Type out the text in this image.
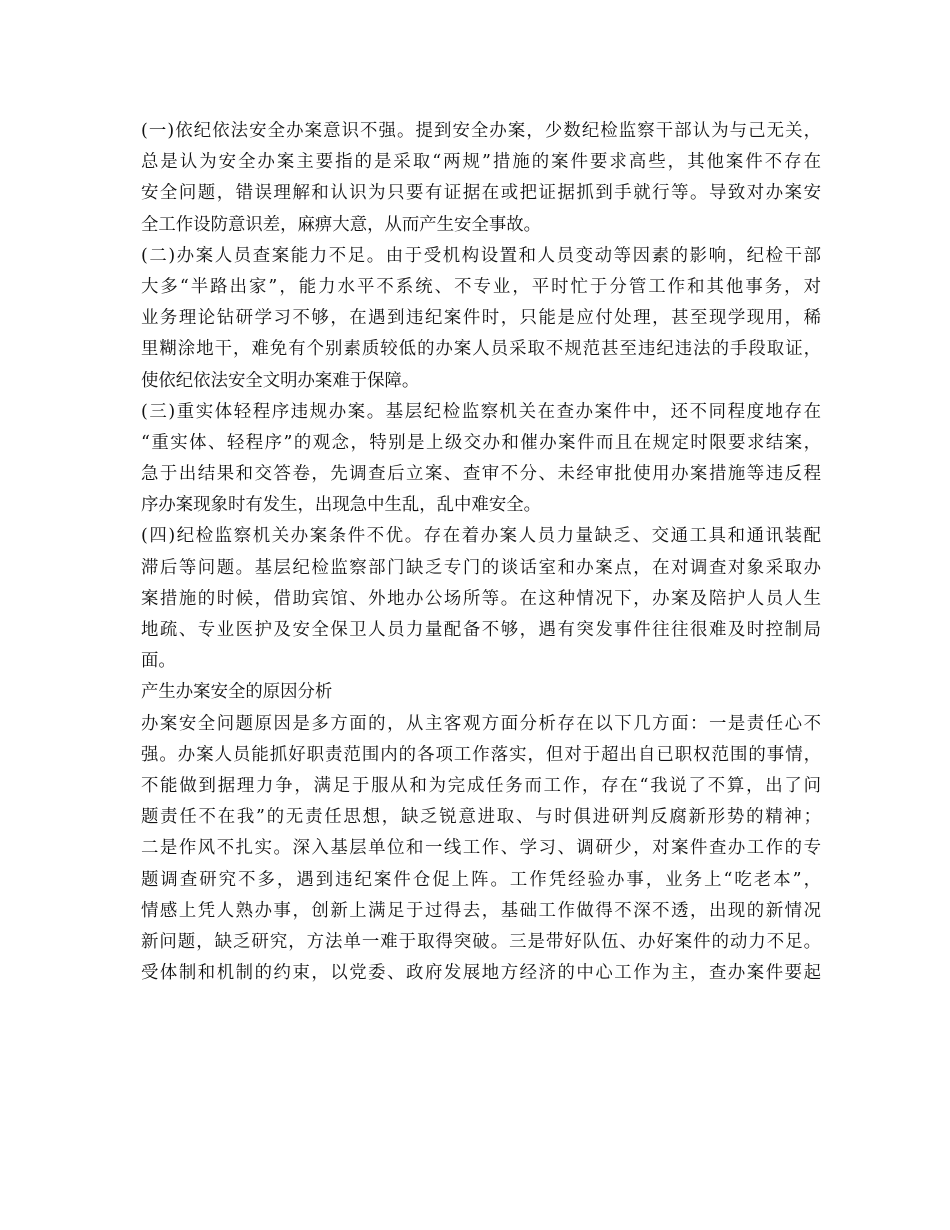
(一)依纪依法安全办案意识不强。提到安全办案，少数纪检监察干部认为与己无关，
总是认为安全办案主要指的是采取“两规”措施的案件要求高些，其他案件不存在
安全问题，错误理解和认识为只要有证据在或把证据抓到手就行等。导致对办案安
全工作设防意识差，麻痹大意，从而产生安全事故。
(二)办案人员查案能力不足。由于受机构设置和人员变动等因素的影响，纪检干部
大多“半路出家”，能力水平不系统、不专业，平时忙于分管工作和其他事务，对
业务理论钻研学习不够，在遇到违纪案件时，只能是应付处理，甚至现学现用，稀
里糊涂地干，难免有个别素质较低的办案人员采取不规范甚至违纪违法的手段取证，
使依纪依法安全文明办案难于保障。
(三)重实体轻程序违规办案。基层纪检监察机关在查办案件中，还不同程度地存在
“重实体、轻程序”的观念，特别是上级交办和催办案件而且在规定时限要求结案，
急于出结果和交答卷，先调查后立案、查审不分、未经审批使用办案措施等违反程
序办案现象时有发生，出现急中生乱，乱中难安全。
(四)纪检监察机关办案条件不优。存在着办案人员力量缺乏、交通工具和通讯装配
滞后等问题。基层纪检监察部门缺乏专门的谈话室和办案点，在对调查对象采取办
案措施的时候，借助宾馆、外地办公场所等。在这种情况下，办案及陪护人员人生
地疏、专业医护及安全保卫人员力量配备不够，遇有突发事件往往很难及时控制局
面。
产生办案安全的原因分析
办案安全问题原因是多方面的，从主客观方面分析存在以下几方面：一是责任心不
强。办案人员能抓好职责范围内的各项工作落实，但对于超出自已职权范围的事情，
不能做到据理力争，满足于服从和为完成任务而工作，存在“我说了不算，出了问
题责任不在我”的无责任思想，缺乏锐意进取、与时俱进研判反腐新形势的精神；
二是作风不扎实。深入基层单位和一线工作、学习、调研少，对案件查办工作的专
题调查研究不多，遇到违纪案件仓促上阵。工作凭经验办事，业务上“吃老本”，
情感上凭人熟办事，创新上满足于过得去，基础工作做得不深不透，出现的新情况
新问题，缺乏研究，方法单一难于取得突破。三是带好队伍、办好案件的动力不足。
受体制和机制的约束，以党委、政府发展地方经济的中心工作为主，查办案件要起
